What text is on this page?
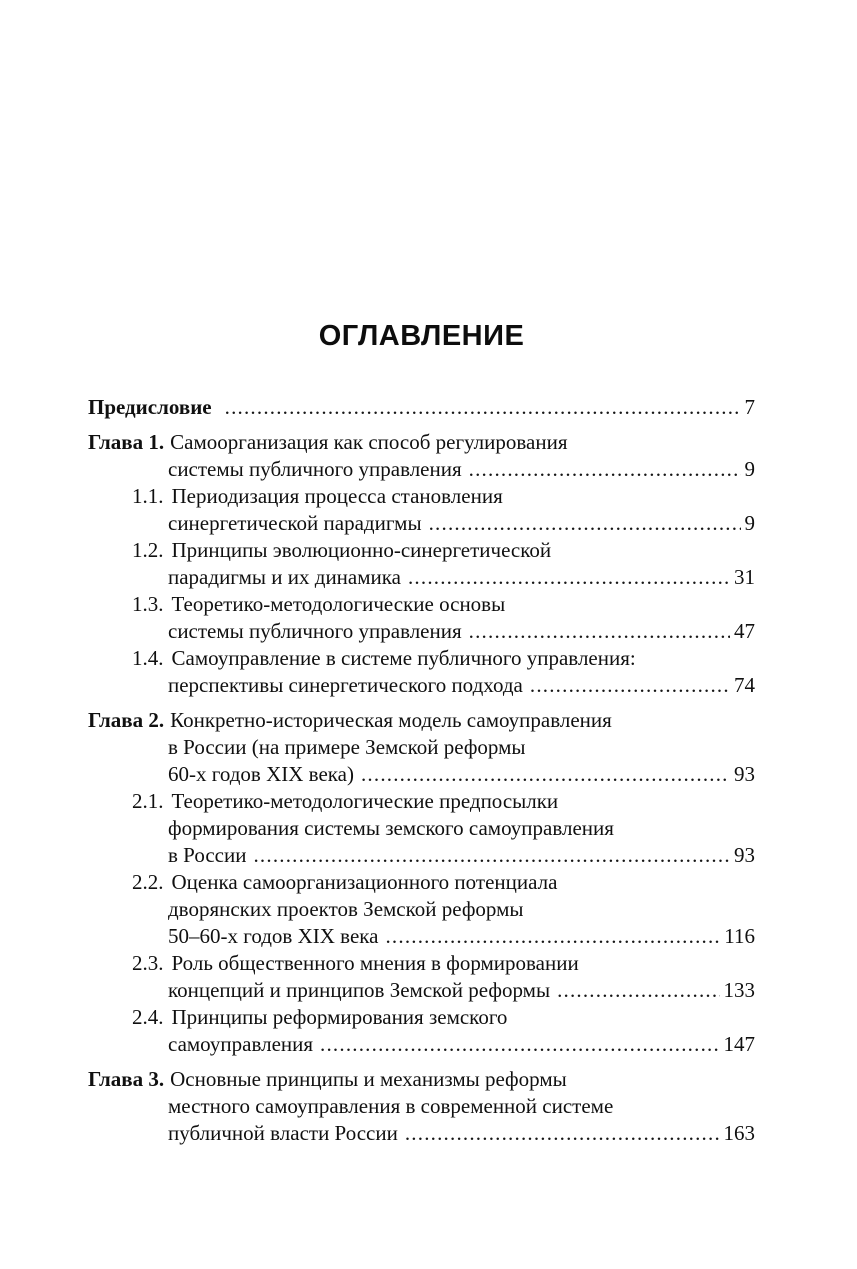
ОГЛАВЛЕНИЕ
Предисловие .....	7
Глава 1. Самоорганизация как способ регулирования
системы публичного управления .....	9
1.1. Периодизация процесса становления
синергетической парадигмы .....	9
1.2. Принципы эволюционно-синергетической
парадигмы и их динамика .....	31
1.3. Теоретико-методологические основы
системы публичного управления .....	47
1.4. Самоуправление в системе публичного управления:
перспективы синергетического подхода .....	74
Глава 2. Конкретно-историческая модель самоуправления
в России (на примере Земской реформы
60-х годов XIX века) .....	93
2.1. Теоретико-методологические предпосылки
формирования системы земского самоуправления
в России .....	93
2.2. Оценка самоорганизационного потенциала
дворянских проектов Земской реформы
50–60-х годов XIX века .....	116
2.3. Роль общественного мнения в формировании
концепций и принципов Земской реформы .....	133
2.4. Принципы реформирования земского
самоуправления .....	147
Глава 3. Основные принципы и механизмы реформы
местного самоуправления в современной системе
публичной власти России .....	163
